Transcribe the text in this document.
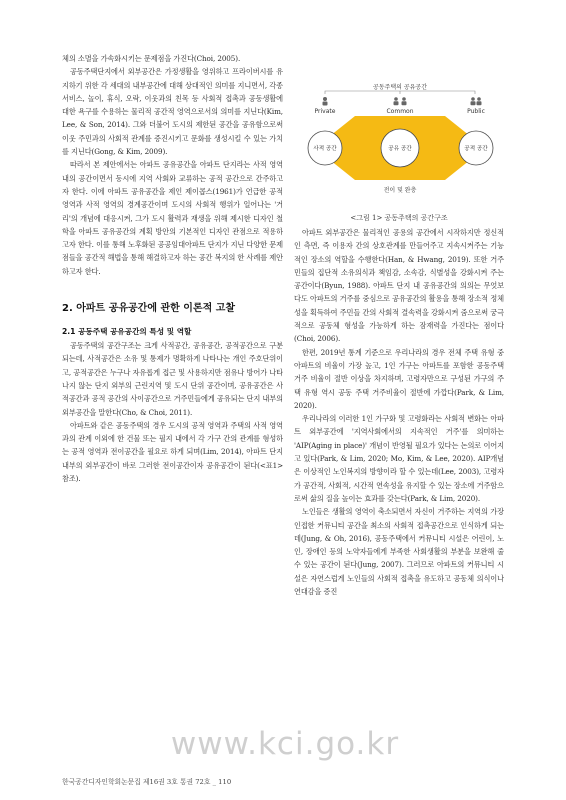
체의 소멸을 가속화시키는 문제점을 가진다(Choi, 2005).

공동주택단지에서 외부공간은 가정생활을 영위하고 프라이버시를 유지하기 위한 각 세대의 내부공간에 대해 상대적인 의미를 지니면서, 각종 서비스, 놀이, 휴식, 오락, 이웃과의 친목 등 사회적 접촉과 공동생활에 대한 욕구를 수용하는 물리적 공간적 영역으로서의 의미를 지닌다(Kim, Lee, & Son, 2014). 그와 더불어 도시의 제한된 공간을 공유함으로써 이웃 주민과의 사회적 관계를 증진시키고 문화를 생성시킬 수 있는 가치를 지닌다(Gong, & Kim, 2009).

따라서 본 제안에서는 아파트 공유공간을 아파트 단지라는 사적 영역 내의 공간이면서 동시에 지역 사회와 교류하는 공적 공간으로 간주하고자 한다. 이에 아파트 공유공간을 제인 제이콥스(1961)가 언급한 공적 영역과 사적 영역의 경계공간이며 도시의 사회적 행위가 일어나는 '거리'의 개념에 대응시켜, 그가 도시 활력과 재생을 위해 제시한 디자인 철학을 아파트 공유공간의 계획 방안의 기본적인 디자인 관점으로 적용하고자 한다. 이를 통해 노후화된 공공임대아파트 단지가 지닌 다양한 문제점들을 공간적 해법을 통해 해결하고자 하는 공간 복지의 한 사례를 제안하고자 한다.

2. 아파트 공유공간에 관한 이론적 고찰
2.1 공동주택 공유공간의 특성 및 역할

공동주택의 공간구조는 크게 사적공간, 공유공간, 공적공간으로 구분되는데, 사적공간은 소유 및 통제가 명확하게 나타나는 개인 주호단위이고, 공적공간은 누구나 자유롭게 접근 및 사용하지만 점유나 방어가 나타나지 않는 단지 외부의 근린지역 및 도시 단위 공간이며, 공유공간은 사적공간과 공적 공간의 사이공간으로 거주민들에게 공유되는 단지 내부의 외부공간을 말한다(Cho, & Choi, 2011).

아파트와 같은 공동주택의 경우 도시의 공적 영역과 주택의 사적 영역과의 관계 이외에 한 건물 또는 필지 내에서 각 가구 간의 관계를 형성하는 공적 영역과 전이공간을 필요로 하게 되며(Lim, 2014), 아파트 단지 내부의 외부공간이 바로 그러한 전이공간이자 공유공간이 된다(<표1> 참조).

공동주택의 공유공간
Private	Common	Public
사적 공간	공유 공간	공적 공간
전이 및 완충
<그림 1> 공동주택의 공간구조

아파트 외부공간은 물리적인 공용의 공간에서 시작하지만 정신적인 측면, 즉 이용자 간의 상호관계를 만들어주고 지속시켜주는 기능적인 장소의 역할을 수행한다(Han, & Hwang, 2019). 또한 거주민들의 집단적 소유의식과 책임감, 소속감, 식별성을 강화시켜 주는 공간이다(Byun, 1988). 아파트 단지 내 공유공간의 의의는 무엇보다도 아파트의 거주를 중심으로 공유공간의 활용을 통해 장소적 정체성을 획득하여 주민들 간의 사회적 결속력을 강화시켜 줌으로써 궁극적으로 공동체 형성을 가능하게 하는 잠재력을 가진다는 점이다(Choi, 2006).

한편, 2019년 통계 기준으로 우리나라의 경우 전체 주택 유형 중 아파트의 비율이 가장 높고, 1인 가구는 아파트를 포함한 공동주택 거주 비율이 절반 이상을 차지하며, 고령자만으로 구성된 가구의 주택 유형 역시 공동 주택 거주비율이 절반에 가깝다(Park, & Lim, 2020).

우리나라의 이러한 1인 가구화 및 고령화라는 사회적 변화는 아파트 외부공간에 '지역사회에서의 지속적인 거주'를 의미하는 'AIP(Aging in place)' 개념이 반영될 필요가 있다는 논의로 이어지고 있다(Park, & Lim, 2020; Mo, Kim, & Lee, 2020). AIP개념은 이상적인 노인복지의 방향이라 할 수 있는데(Lee, 2003), 고령자가 공간적, 사회적, 시간적 연속성을 유지할 수 있는 장소에 거주함으로써 삶의 질을 높이는 효과를 갖는다(Park, & Lim, 2020).

노인들은 생활의 영역이 축소되면서 자신이 거주하는 지역의 가장 인접한 커뮤니티 공간을 최소의 사회적 접촉공간으로 인식하게 되는데(Jung, & Oh, 2016), 공동주택에서 커뮤니티 시설은 어린이, 노인, 장애인 등의 노약자들에게 부족한 사회생활의 부분을 보완해 줄 수 있는 공간이 된다(Jung, 2007). 그러므로 아파트의 커뮤니티 시설은 자연스럽게 노인들의 사회적 접촉을 유도하고 공동체 의식이나 연대감을 증진

www.kci.go.kr
한국공간디자인학회논문집 제16권 3호 통권 72호 _ 110
